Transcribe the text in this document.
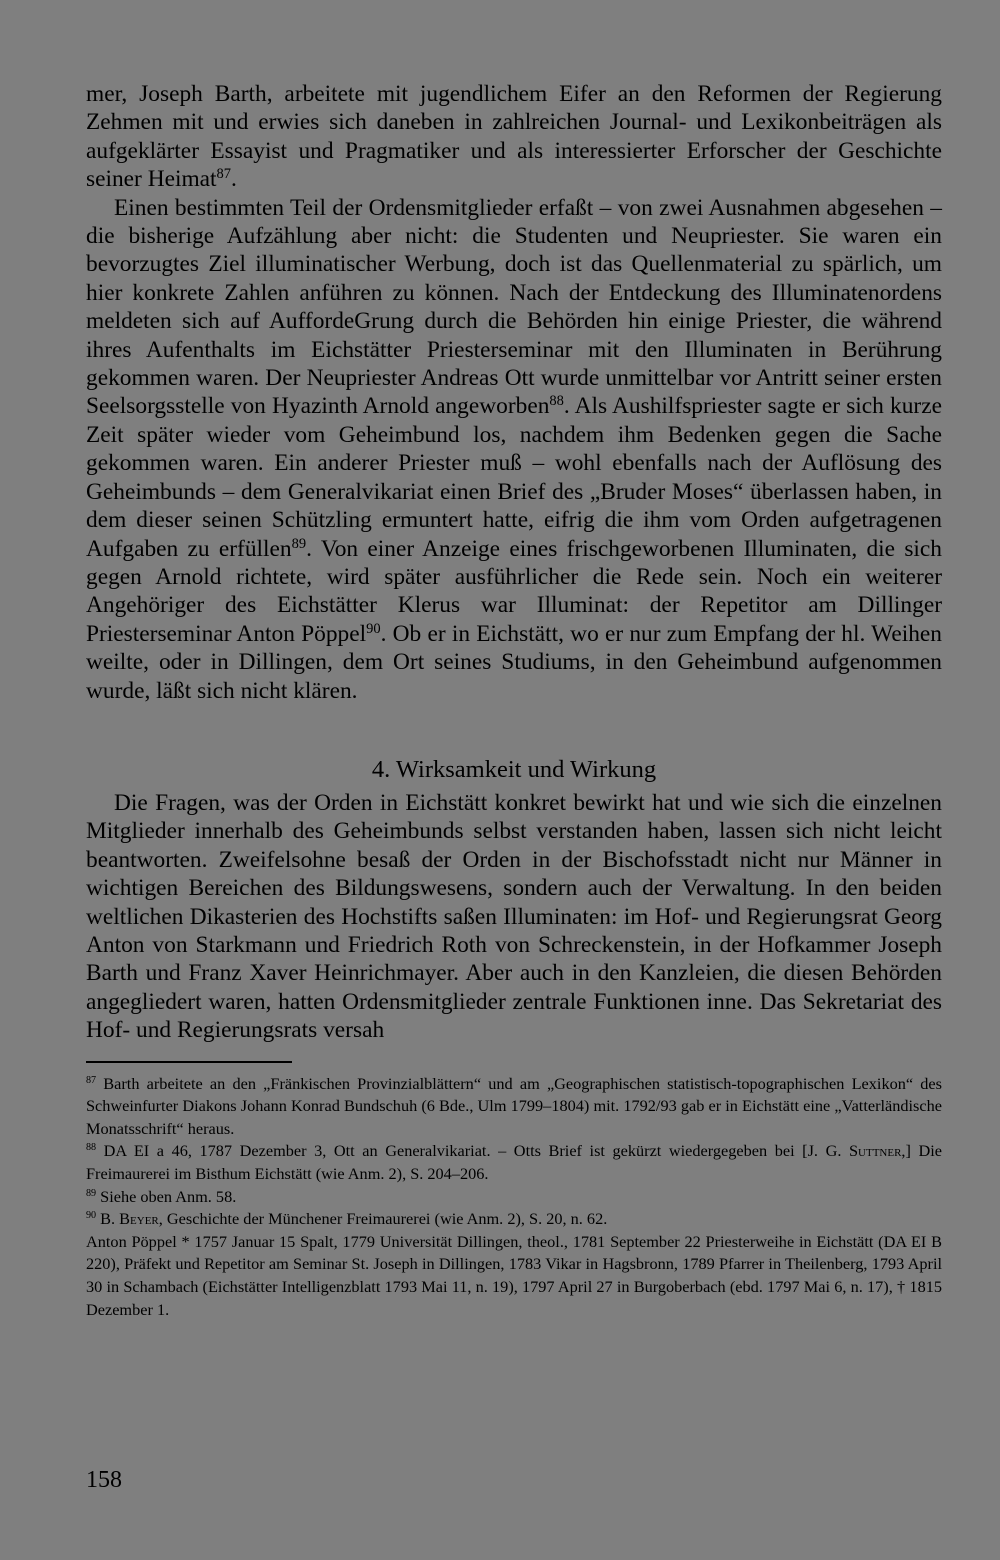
mer, Joseph Barth, arbeitete mit jugendlichem Eifer an den Reformen der Regierung Zehmen mit und erwies sich daneben in zahlreichen Journal- und Lexikonbeiträgen als aufgeklärter Essayist und Pragmatiker und als interessierter Erforscher der Geschichte seiner Heimat$^{87}$.

Einen bestimmten Teil der Ordensmitglieder erfaßt – von zwei Ausnahmen abgesehen – die bisherige Aufzählung aber nicht: die Studenten und Neupriester. Sie waren ein bevorzugtes Ziel illuminatischer Werbung, doch ist das Quellenmaterial zu spärlich, um hier konkrete Zahlen anführen zu können. Nach der Entdeckung des Illuminatenordens meldeten sich auf AuffordeGrung durch die Behörden hin einige Priester, die während ihres Aufenthalts im Eichstätter Priesterseminar mit den Illuminaten in Berührung gekommen waren. Der Neupriester Andreas Ott wurde unmittelbar vor Antritt seiner ersten Seelsorgsstelle von Hyazinth Arnold angeworben$^{88}$. Als Aushilfspriester sagte er sich kurze Zeit später wieder vom Geheimbund los, nachdem ihm Bedenken gegen die Sache gekommen waren. Ein anderer Priester muß – wohl ebenfalls nach der Auflösung des Geheimbunds – dem Generalvikariat einen Brief des „Bruder Moses“ überlassen haben, in dem dieser seinen Schützling ermuntert hatte, eifrig die ihm vom Orden aufgetragenen Aufgaben zu erfüllen$^{89}$. Von einer Anzeige eines frischgeworbenen Illuminaten, die sich gegen Arnold richtete, wird später ausführlicher die Rede sein. Noch ein weiterer Angehöriger des Eichstätter Klerus war Illuminat: der Repetitor am Dillinger Priesterseminar Anton Pöppel$^{90}$. Ob er in Eichstätt, wo er nur zum Empfang der hl. Weihen weilte, oder in Dillingen, dem Ort seines Studiums, in den Geheimbund aufgenommen wurde, läßt sich nicht klären.

4. Wirksamkeit und Wirkung

Die Fragen, was der Orden in Eichstätt konkret bewirkt hat und wie sich die einzelnen Mitglieder innerhalb des Geheimbunds selbst verstanden haben, lassen sich nicht leicht beantworten. Zweifelsohne besaß der Orden in der Bischofsstadt nicht nur Männer in wichtigen Bereichen des Bildungswesens, sondern auch der Verwaltung. In den beiden weltlichen Dikasterien des Hochstifts saßen Illuminaten: im Hof- und Regierungsrat Georg Anton von Starkmann und Friedrich Roth von Schreckenstein, in der Hofkammer Joseph Barth und Franz Xaver Heinrichmayer. Aber auch in den Kanzleien, die diesen Behörden angegliedert waren, hatten Ordensmitglieder zentrale Funktionen inne. Das Sekretariat des Hof- und Regierungsrats versah

$^{87}$ Barth arbeitete an den „Fränkischen Provinzialblättern“ und am „Geographischen statistisch-topographischen Lexikon“ des Schweinfurter Diakons Johann Konrad Bundschuh (6 Bde., Ulm 1799–1804) mit. 1792/93 gab er in Eichstätt eine „Vatterländische Monatsschrift“ heraus.

$^{88}$ DA EI a 46, 1787 Dezember 3, Ott an Generalvikariat. – Otts Brief ist gekürzt wiedergegeben bei [J. G. Suttner,] Die Freimaurerei im Bisthum Eichstätt (wie Anm. 2), S. 204–206.

$^{89}$ Siehe oben Anm. 58.

$^{90}$ B. Beyer, Geschichte der Münchener Freimaurerei (wie Anm. 2), S. 20, n. 62.

Anton Pöppel * 1757 Januar 15 Spalt, 1779 Universität Dillingen, theol., 1781 September 22 Priesterweihe in Eichstätt (DA EI B 220), Präfekt und Repetitor am Seminar St. Joseph in Dillingen, 1783 Vikar in Hagsbronn, 1789 Pfarrer in Theilenberg, 1793 April 30 in Schambach (Eichstätter Intelligenzblatt 1793 Mai 11, n. 19), 1797 April 27 in Burgoberbach (ebd. 1797 Mai 6, n. 17), † 1815 Dezember 1.

158
